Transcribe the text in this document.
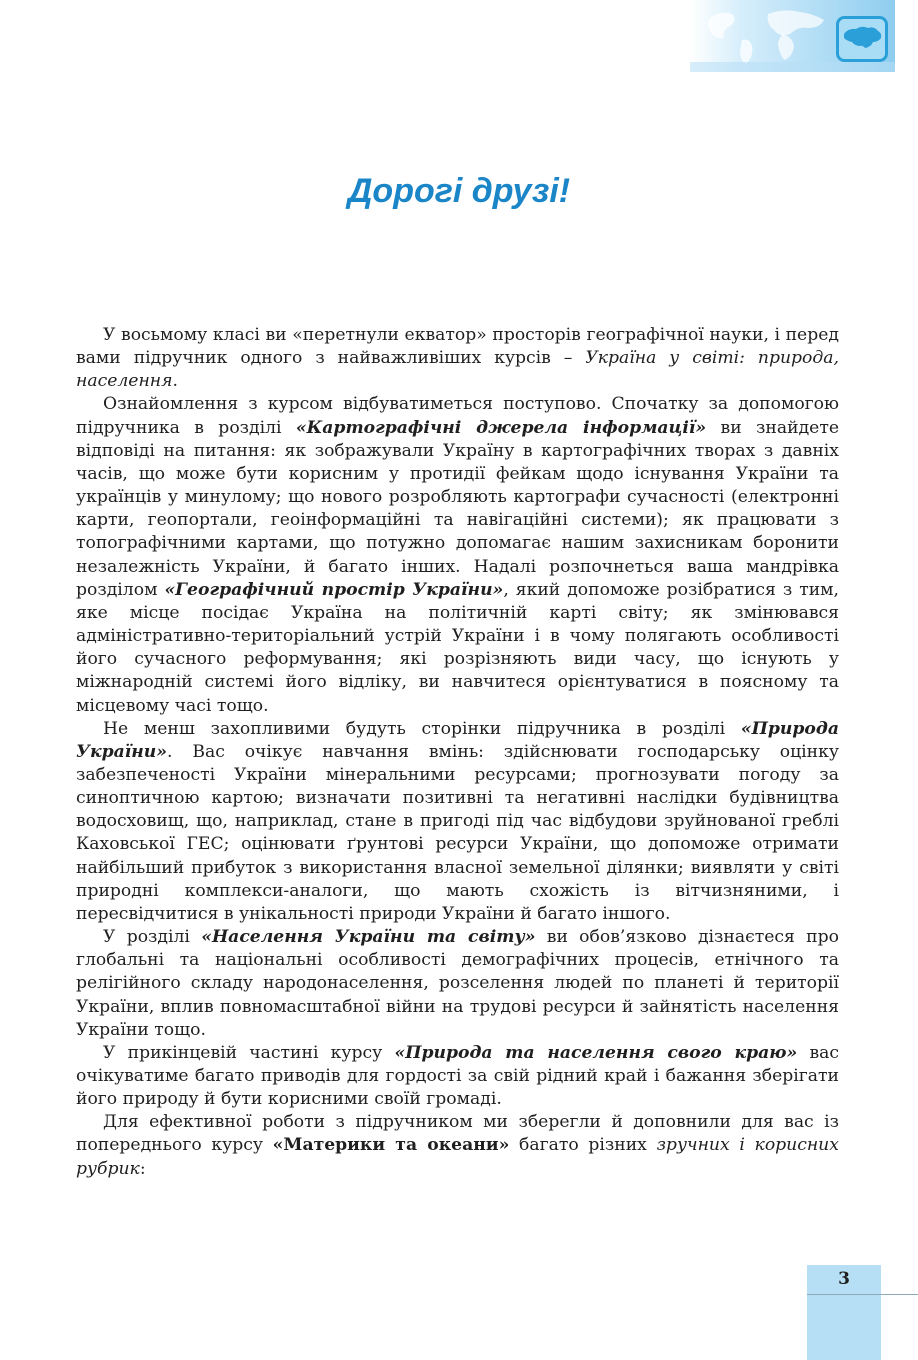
Дорогі друзі!

У восьмому класі ви «перетнули екватор» просторів географічної науки, і перед вами підручник одного з найважливіших курсів – Україна у світі: природа, населення.

Ознайомлення з курсом відбуватиметься поступово. Спочатку за допомогою підручника в розділі «Картографічні джерела інформації» ви знайдете відповіді на питання: як зображували Україну в картографічних творах з давніх часів, що може бути корисним у протидії фейкам щодо існування України та українців у минулому; що нового розробляють картографи сучасності (електронні карти, геопортали, геоінформаційні та навігаційні системи); як працювати з топографічними картами, що потужно допомагає нашим захисникам боронити незалежність України, й багато інших. Надалі розпочнеться ваша мандрівка розділом «Географічний простір України», який допоможе розібратися з тим, яке місце посідає Україна на політичній карті світу; як змінювався адміністративно-територіальний устрій України і в чому полягають особливості його сучасного реформування; які розрізняють види часу, що існують у міжнародній системі його відліку, ви навчитеся орієнтуватися в поясному та місцевому часі тощо.

Не менш захопливими будуть сторінки підручника в розділі «Природа України». Вас очікує навчання вмінь: здійснювати господарську оцінку забезпеченості України мінеральними ресурсами; прогнозувати погоду за синоптичною картою; визначати позитивні та негативні наслідки будівництва водосховищ, що, наприклад, стане в пригоді під час відбудови зруйнованої греблі Каховської ГЕС; оцінювати ґрунтові ресурси України, що допоможе отримати найбільший прибуток з використання власної земельної ділянки; виявляти у світі природні комплекси-аналоги, що мають схожість із вітчизняними, і пересвідчитися в унікальності природи України й багато іншого.

У розділі «Населення України та світу» ви обов’язково дізнаєтеся про глобальні та національні особливості демографічних процесів, етнічного та релігійного складу народонаселення, розселення людей по планеті й території України, вплив повномасштабної війни на трудові ресурси й зайнятість населення України тощо.

У прикінцевій частині курсу «Природа та населення свого краю» вас очікуватиме багато приводів для гордості за свій рідний край і бажання зберігати його природу й бути корисними своїй громаді.

Для ефективної роботи з підручником ми зберегли й доповнили для вас із попереднього курсу «Материки та океани» багато різних зручних і корисних рубрик:

3
